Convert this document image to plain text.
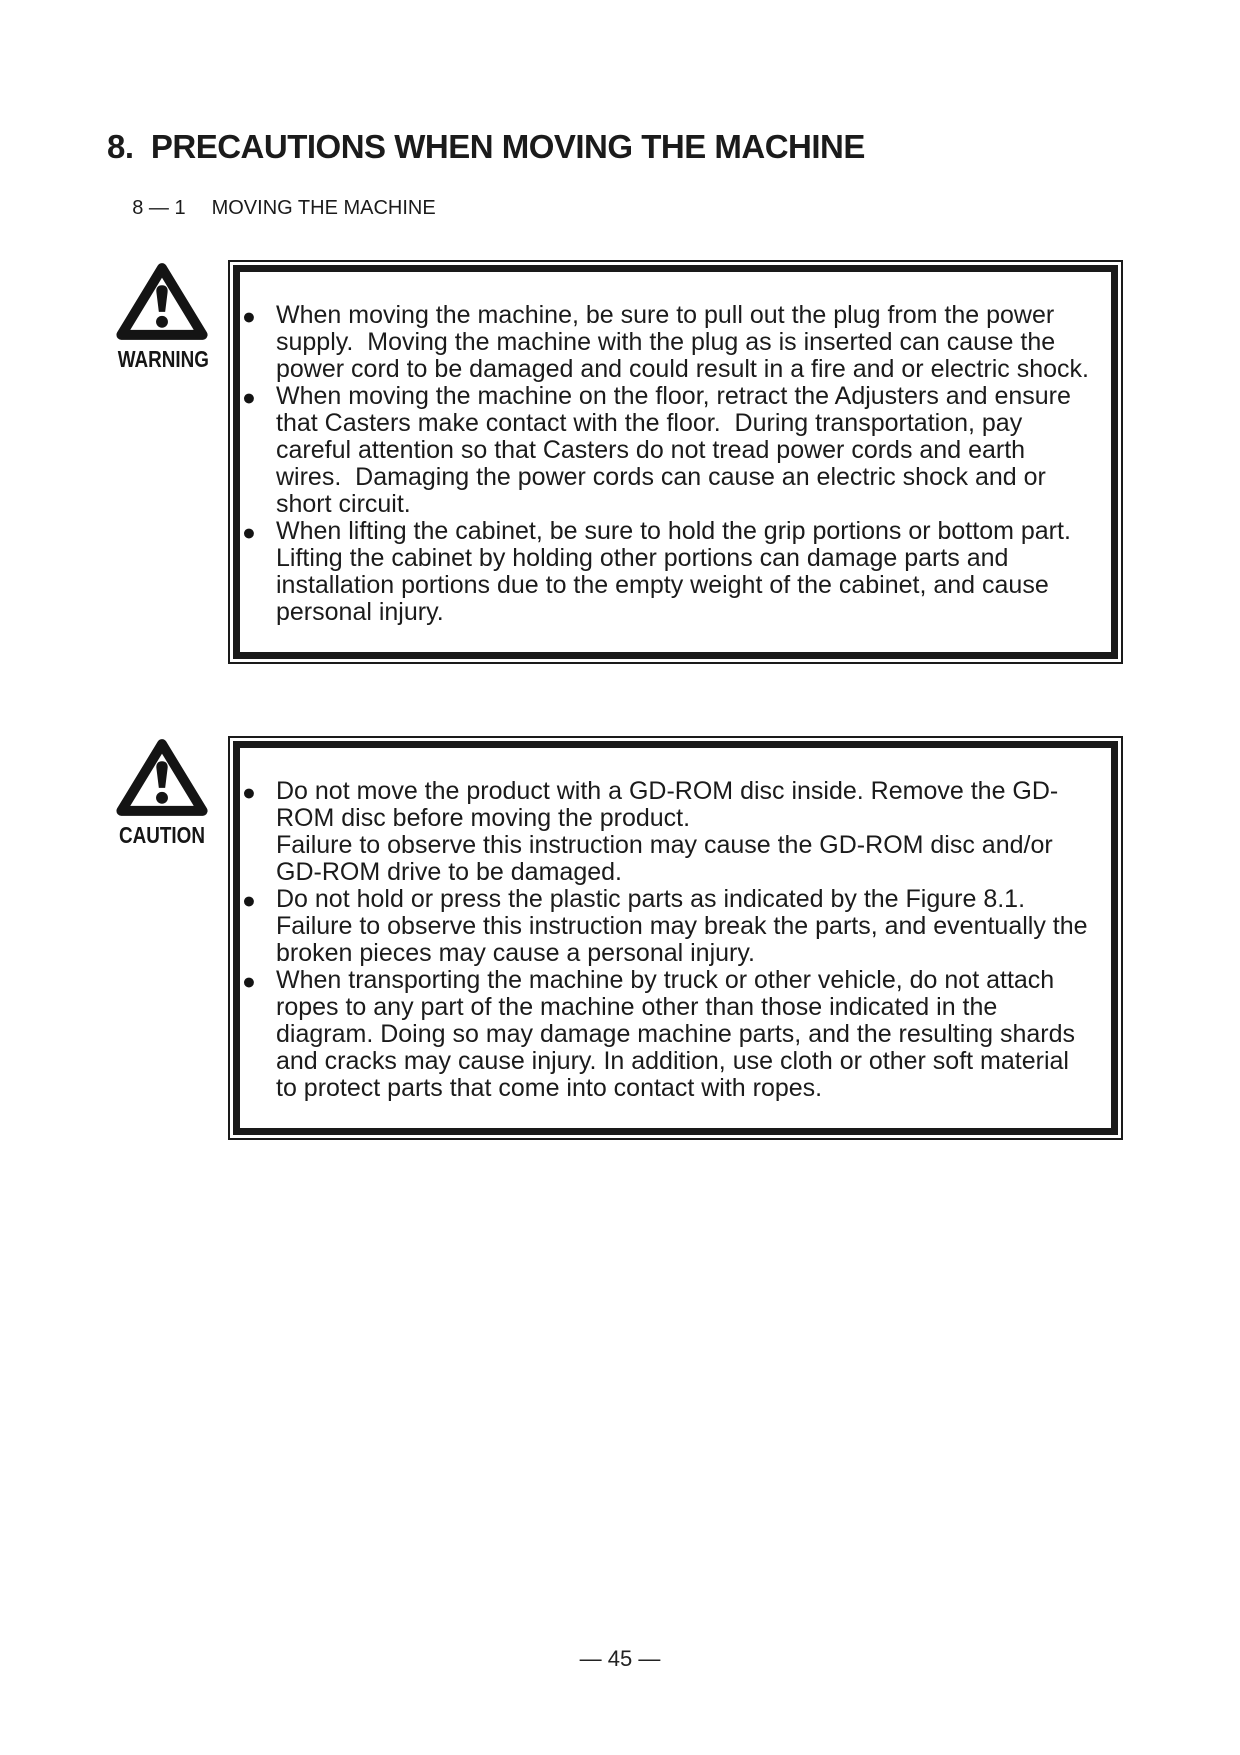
8.  PRECAUTIONS WHEN MOVING THE MACHINE

8 — 1 MOVING THE MACHINE

WARNING
● When moving the machine, be sure to pull out the plug from the power supply.  Moving the machine with the plug as is inserted can cause the power cord to be damaged and could result in a fire and or electric shock.

● When moving the machine on the floor, retract the Adjusters and ensure that Casters make contact with the floor.  During transportation, pay careful attention so that Casters do not tread power cords and earth wires.  Damaging the power cords can cause an electric shock and or short circuit.

● When lifting the cabinet, be sure to hold the grip portions or bottom part.  Lifting the cabinet by holding other portions can damage parts and installation portions due to the empty weight of the cabinet, and cause personal injury.

CAUTION
● Do not move the product with a GD-ROM disc inside. Remove the GD-ROM disc before moving the product.

Failure to observe this instruction may cause the GD-ROM disc and/or GD-ROM drive to be damaged.

● Do not hold or press the plastic parts as indicated by the Figure 8.1. Failure to observe this instruction may break the parts, and eventually the broken pieces may cause a personal injury.

● When transporting the machine by truck or other vehicle, do not attach ropes to any part of the machine other than those indicated in the diagram. Doing so may damage machine parts, and the resulting shards and cracks may cause injury. In addition, use cloth or other soft material to protect parts that come into contact with ropes.

— 45 —
